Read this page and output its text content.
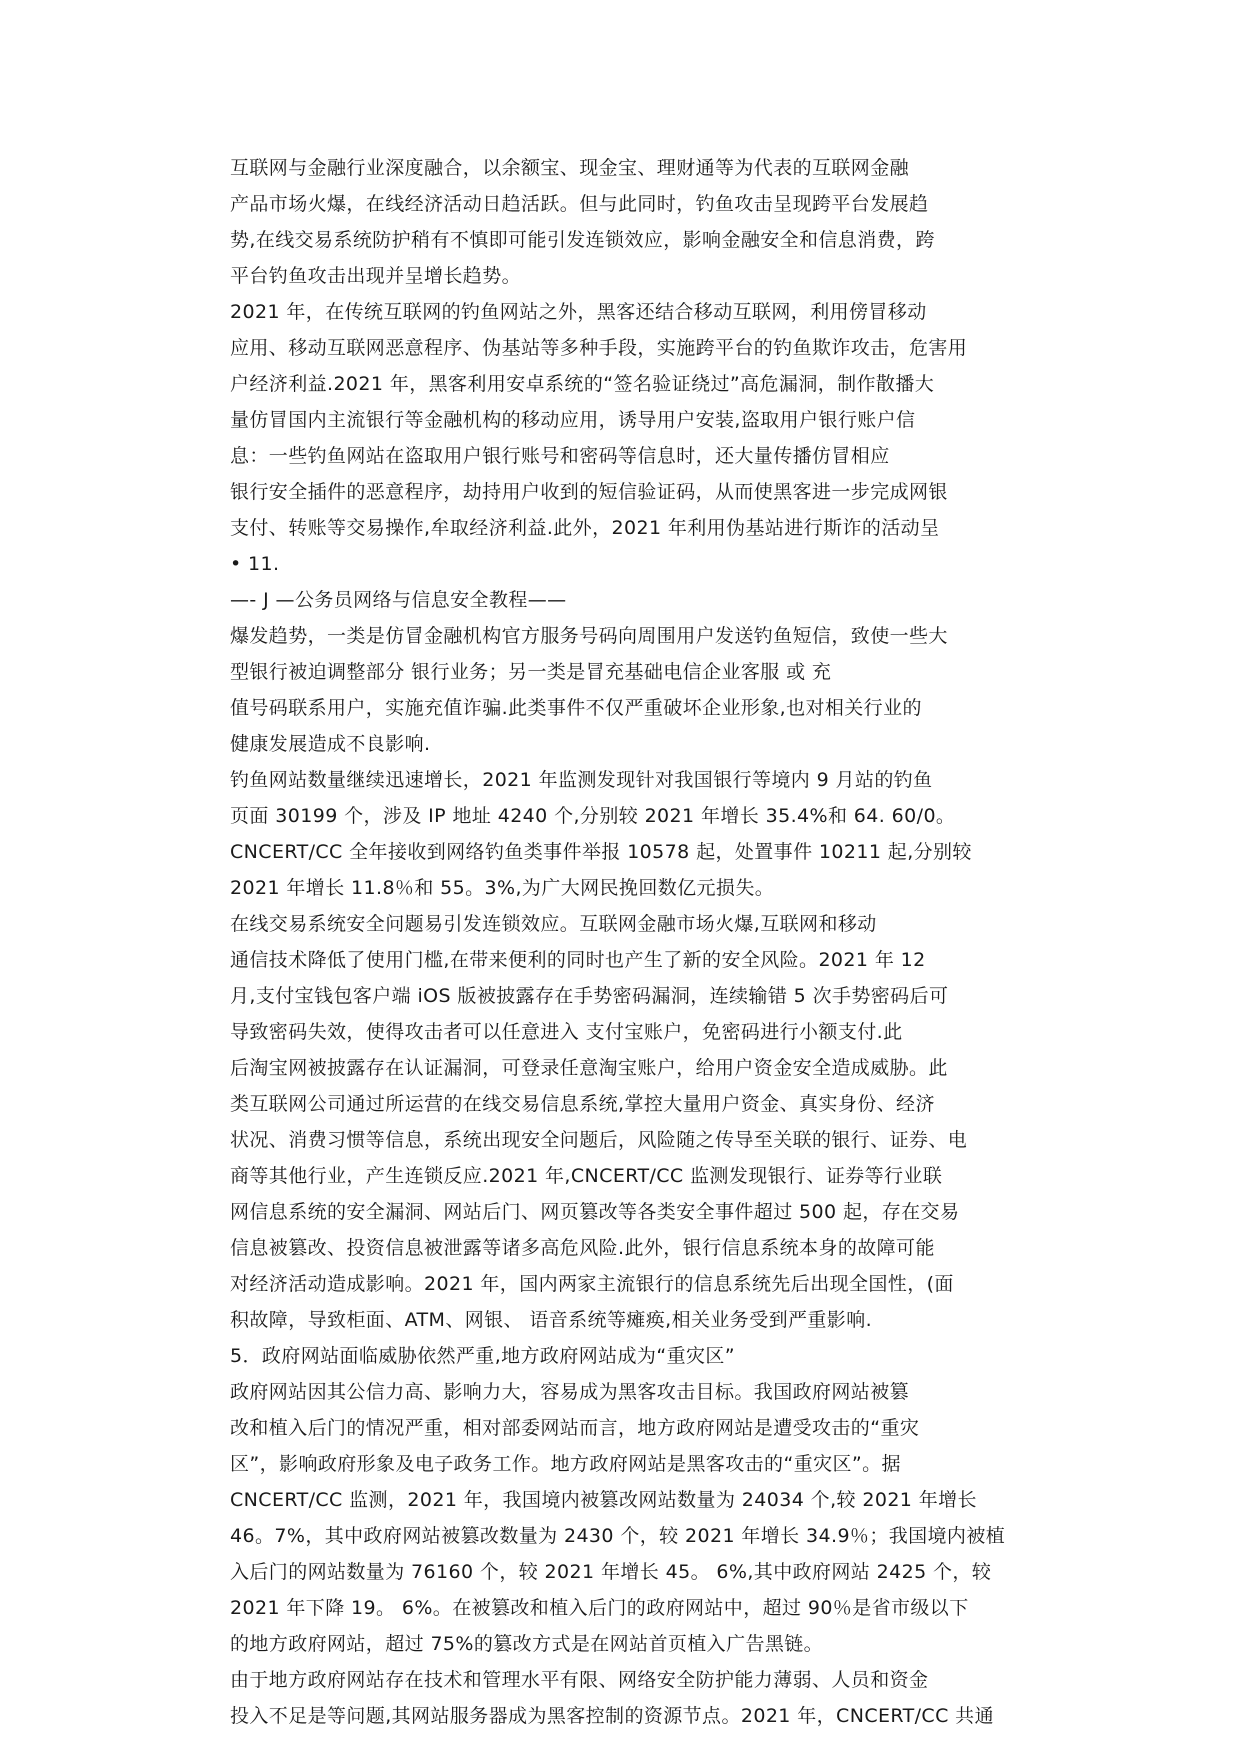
互联网与金融行业深度融合，以余额宝、现金宝、理财通等为代表的互联网金融

产品市场火爆，在线经济活动日趋活跃。但与此同时，钓鱼攻击呈现跨平台发展趋

势,在线交易系统防护稍有不慎即可能引发连锁效应，影响金融安全和信息消费，跨

平台钓鱼攻击出现并呈增长趋势。

2021 年，在传统互联网的钓鱼网站之外，黑客还结合移动互联网，利用傍冒移动

应用、移动互联网恶意程序、伪基站等多种手段，实施跨平台的钓鱼欺诈攻击，危害用

户经济利益.2021 年，黑客利用安卓系统的“签名验证绕过”高危漏洞，制作散播大

量仿冒国内主流银行等金融机构的移动应用，诱导用户安装,盗取用户银行账户信

息：一些钓鱼网站在盗取用户银行账号和密码等信息时，还大量传播仿冒相应

银行安全插件的恶意程序，劫持用户收到的短信验证码，从而使黑客进一步完成网银

支付、转账等交易操作,牟取经济利益.此外，2021 年利用伪基站进行斯诈的活动呈

• 11.

—- J —公务员网络与信息安全教程——

爆发趋势，一类是仿冒金融机构官方服务号码向周围用户发送钓鱼短信，致使一些大

型银行被迫调整部分 银行业务；另一类是冒充基础电信企业客服 或 充

值号码联系用户，实施充值诈骗.此类事件不仅严重破坏企业形象,也对相关行业的

健康发展造成不良影响.

钓鱼网站数量继续迅速增长，2021 年监测发现针对我国银行等境内 9 月站的钓鱼

页面 30199 个，涉及 IP 地址 4240 个,分别较 2021 年增长 35.4%和 64. 60/0。

CNCERT/CC 全年接收到网络钓鱼类事件举报 10578 起，处置事件 10211 起,分别较

2021 年增长 11.8％和 55。3%,为广大网民挽回数亿元损失。

在线交易系统安全问题易引发连锁效应。互联网金融市场火爆,互联网和移动

通信技术降低了使用门槛,在带来便利的同时也产生了新的安全风险。2021 年 12

月,支付宝钱包客户端 iOS 版被披露存在手势密码漏洞，连续输错 5 次手势密码后可

导致密码失效，使得攻击者可以任意进入 支付宝账户，免密码进行小额支付.此

后淘宝网被披露存在认证漏洞，可登录任意淘宝账户，给用户资金安全造成威胁。此

类互联网公司通过所运营的在线交易信息系统,掌控大量用户资金、真实身份、经济

状况、消费习惯等信息，系统出现安全问题后，风险随之传导至关联的银行、证券、电

商等其他行业，产生连锁反应.2021 年,CNCERT/CC 监测发现银行、证券等行业联

网信息系统的安全漏洞、网站后门、网页篡改等各类安全事件超过 500 起，存在交易

信息被篡改、投资信息被泄露等诸多高危风险.此外，银行信息系统本身的故障可能

对经济活动造成影响。2021 年，国内两家主流银行的信息系统先后出现全国性，(面

积故障，导致柜面、ATM、网银、 语音系统等瘫痪,相关业务受到严重影响.

5．政府网站面临威胁依然严重,地方政府网站成为“重灾区”

政府网站因其公信力高、影响力大，容易成为黑客攻击目标。我国政府网站被篡

改和植入后门的情况严重，相对部委网站而言，地方政府网站是遭受攻击的“重灾

区”，影响政府形象及电子政务工作。地方政府网站是黑客攻击的“重灾区”。据

CNCERT/CC 监测，2021 年，我国境内被篡改网站数量为 24034 个,较 2021 年增长

46。7%，其中政府网站被篡改数量为 2430 个，较 2021 年增长 34.9％；我国境内被植

入后门的网站数量为 76160 个，较 2021 年增长 45。 6%,其中政府网站 2425 个，较

2021 年下降 19。 6%。在被篡改和植入后门的政府网站中，超过 90％是省市级以下

的地方政府网站，超过 75%的篡改方式是在网站首页植入广告黑链。

由于地方政府网站存在技术和管理水平有限、网络安全防护能力薄弱、人员和资金

投入不足是等问题,其网站服务器成为黑客控制的资源节点。2021 年，CNCERT/CC 共通
